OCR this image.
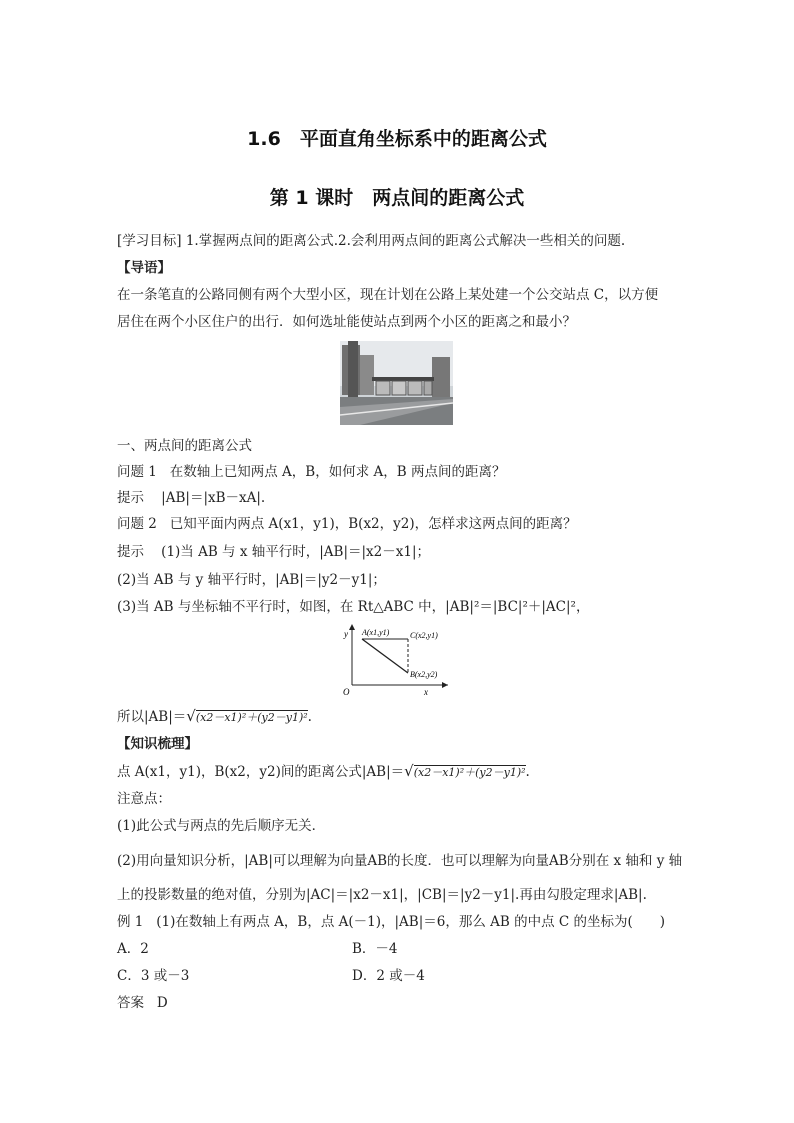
1.6　平面直角坐标系中的距离公式
第 1 课时　两点间的距离公式
[学习目标] 1.掌握两点间的距离公式.2.会利用两点间的距离公式解决一些相关的问题.
【导语】
在一条笔直的公路同侧有两个大型小区，现在计划在公路上某处建一个公交站点 C，以方便
居住在两个小区住户的出行．如何选址能使站点到两个小区的距离之和最小？
一、两点间的距离公式
问题 1 在数轴上已知两点 A，B，如何求 A，B 两点间的距离？
提示 |AB|＝|xB－xA|.
问题 2 已知平面内两点 A(x1，y1)，B(x2，y2)，怎样求这两点间的距离？
提示 (1)当 AB 与 x 轴平行时，|AB|＝|x2－x1|；
(2)当 AB 与 y 轴平行时，|AB|＝|y2－y1|；
(3)当 AB 与坐标轴不平行时，如图，在 Rt△ABC 中，|AB|²＝|BC|²＋|AC|²，
y
x
O
A(x1,y1)	C(x2,y1)
B(x2,y2)
所以|AB|＝√(x2－x1)²＋(y2－y1)².
【知识梳理】
点 A(x1，y1)，B(x2，y2)间的距离公式|AB|＝√(x2－x1)²＋(y2－y1)².
注意点：
(1)此公式与两点的先后顺序无关．
(2)用向量知识分析，|AB|可以理解为向量AB的长度．也可以理解为向量AB分别在 x 轴和 y 轴
上的投影数量的绝对值，分别为|AC|＝|x2－x1|，|CB|＝|y2－y1|.再由勾股定理求|AB|.
例 1 (1)在数轴上有两点 A，B，点 A(－1)，|AB|＝6，那么 AB 的中点 C 的坐标为(　　)
A．2	B．－4
C．3 或－3	D．2 或－4
答案 D
